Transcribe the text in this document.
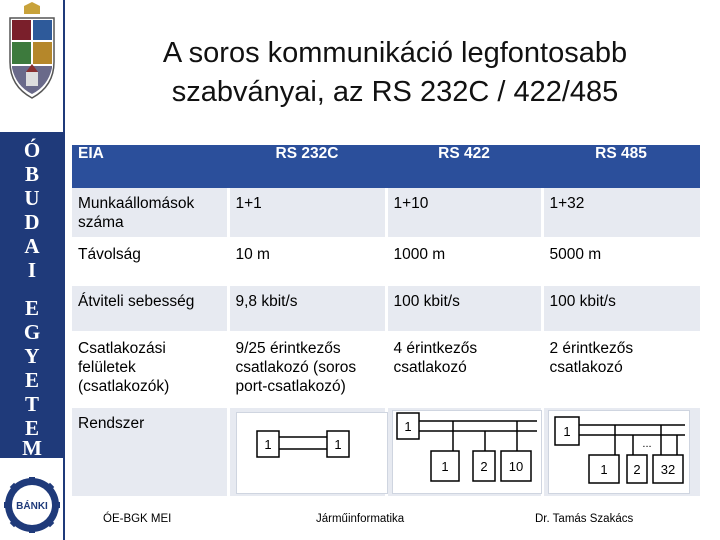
Ó
B
U
D
A
I
E
G
Y
E
T
E
M
BÁNKI
A soros kommunikáció legfontosabb
szabványai, az RS 232C / 422/485
EIA	RS 232C	RS 422	RS 485

Munkaállomások száma	1+1	1+10	1+32

Távolság	10 m	1000 m	5000 m

Átviteli sebesség	9,8 kbit/s	100 kbit/s	100 kbit/s

Csatlakozási felületek (csatlakozók)	9/25 érintkezős csatlakozó (soros port-csatlakozó)	4 érintkezős csatlakozó	2 érintkezős csatlakozó

Rendszer			

1	1
1
1 2 10
1
1 2 32
...
ÓE-BGK MEI	Járműinformatika	Dr. Tamás Szakács
